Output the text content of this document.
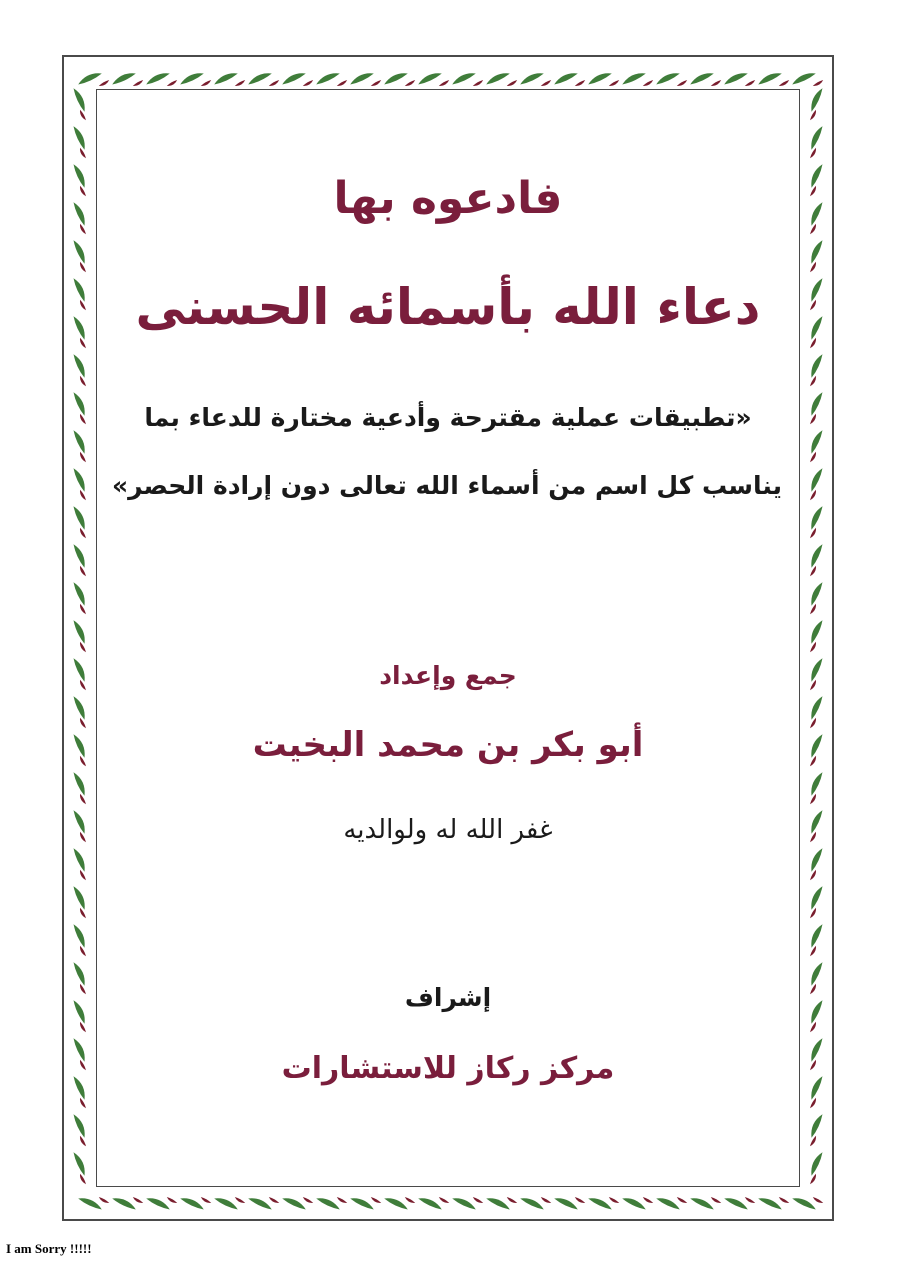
فادعوه بها
دعاء الله بأسمائه الحسنى
«تطبيقات عملية مقترحة وأدعية مختارة للدعاء بما
يناسب كل اسم من أسماء الله تعالى دون إرادة الحصر»
جمع وإعداد
أبو بكر بن محمد البخيت
غفر الله له ولوالديه
إشراف
مركز ركاز للاستشارات
I am Sorry !!!!!
